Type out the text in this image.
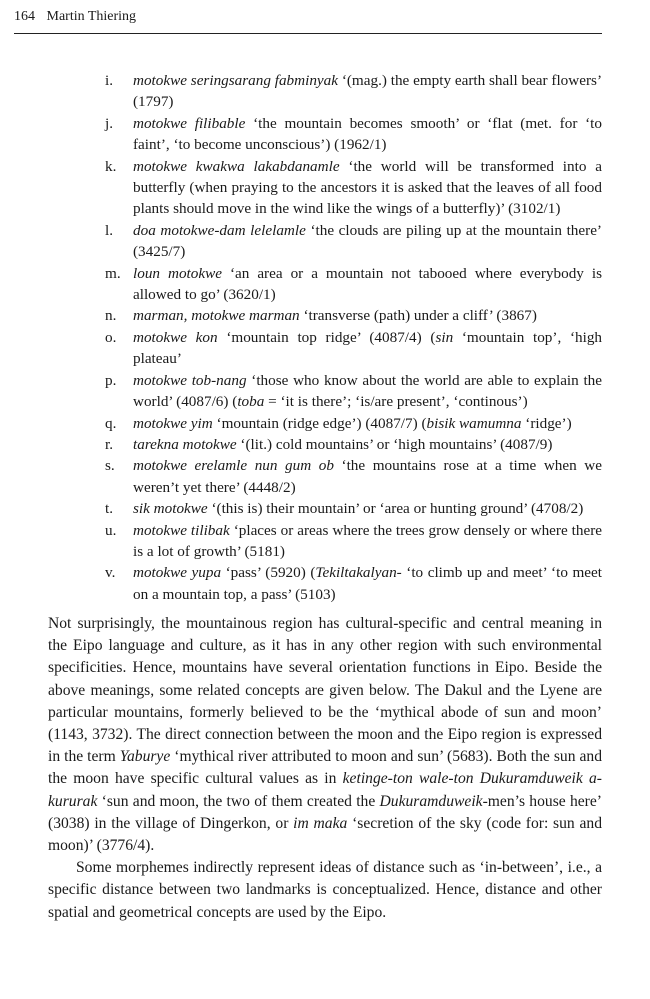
164 Martin Thiering
i. motokwe seringsarang fabminyak ‘(mag.) the empty earth shall bear flowers’ (1797)
j. motokwe filibable ‘the mountain becomes smooth’ or ‘flat (met. for ‘to faint’, ‘to become unconscious’) (1962/1)
k. motokwe kwakwa lakabdanamle ‘the world will be transformed into a butterfly (when praying to the ancestors it is asked that the leaves of all food plants should move in the wind like the wings of a butterfly)’ (3102/1)
l. doa motokwe-dam lelelamle ‘the clouds are piling up at the mountain there’ (3425/7)
m. loun motokwe ‘an area or a mountain not tabooed where everybody is allowed to go’ (3620/1)
n. marman, motokwe marman ‘transverse (path) under a cliff’ (3867)
o. motokwe kon ‘mountain top ridge’ (4087/4) (sin ‘mountain top’, ‘high plateau’
p. motokwe tob-nang ‘those who know about the world are able to explain the world’ (4087/6) (toba = ‘it is there’; ‘is/are present’, ‘continous’)
q. motokwe yim ‘mountain (ridge edge’) (4087/7) (bisik wamumna ‘ridge’)
r. tarekna motokwe ‘(lit.) cold mountains’ or ‘high mountains’ (4087/9)
s. motokwe erelamle nun gum ob ‘the mountains rose at a time when we weren’t yet there’ (4448/2)
t. sik motokwe ‘(this is) their mountain’ or ‘area or hunting ground’ (4708/2)
u. motokwe tilibak ‘places or areas where the trees grow densely or where there is a lot of growth’ (5181)
v. motokwe yupa ‘pass’ (5920) (Tekiltakalyan- ‘to climb up and meet’ ‘to meet on a mountain top, a pass’ (5103)

Not surprisingly, the mountainous region has cultural-specific and central meaning in the Eipo language and culture, as it has in any other region with such environmental specificities. Hence, mountains have several orientation functions in Eipo. Beside the above meanings, some related concepts are given below. The Dakul and the Lyene are particular mountains, formerly believed to be the ‘mythical abode of sun and moon’ (1143, 3732). The direct connection between the moon and the Eipo region is expressed in the term Yaburye ‘mythical river attributed to moon and sun’ (5683). Both the sun and the moon have specific cultural values as in ketinge-ton wale-ton Dukuramduweik a-kururak ‘sun and moon, the two of them created the Dukuramduweik-men’s house here’ (3038) in the village of Dingerkon, or im maka ‘secretion of the sky (code for: sun and moon)’ (3776/4).

Some morphemes indirectly represent ideas of distance such as ‘in-between’, i.e., a specific distance between two landmarks is conceptualized. Hence, distance and other spatial and geometrical concepts are used by the Eipo.
